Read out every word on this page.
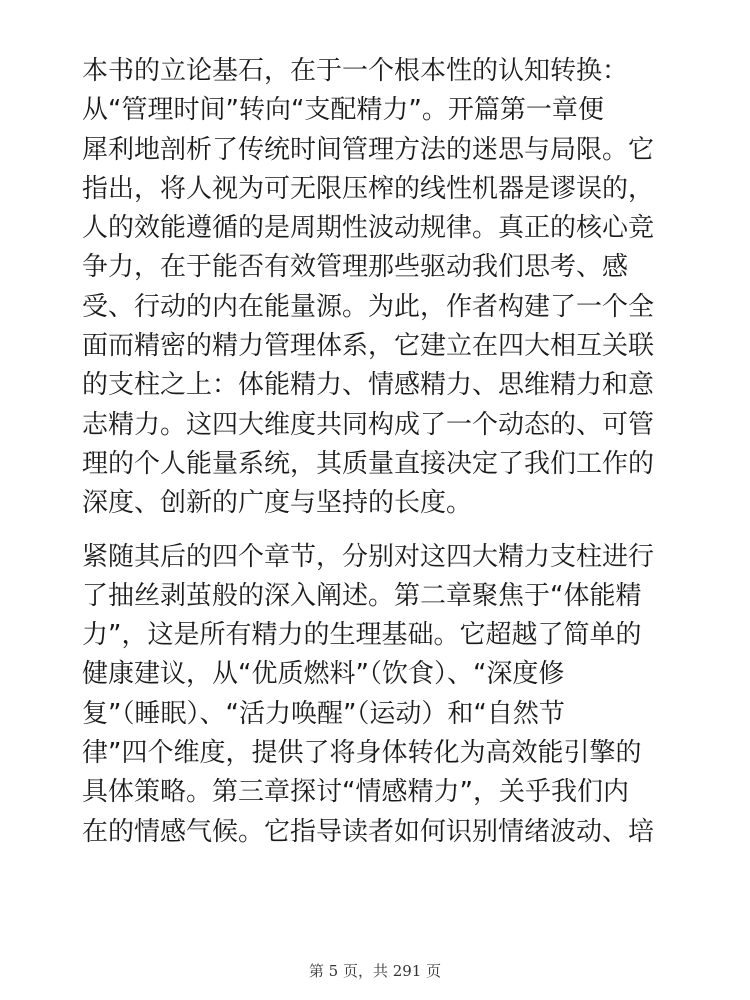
本书的立论基石，在于一个根本性的认知转换：
从“管理时间”转向“支配精力”。开篇第一章便
犀利地剖析了传统时间管理方法的迷思与局限。它
指出，将人视为可无限压榨的线性机器是谬误的，
人的效能遵循的是周期性波动规律。真正的核心竞
争力，在于能否有效管理那些驱动我们思考、感
受、行动的内在能量源。为此，作者构建了一个全
面而精密的精力管理体系，它建立在四大相互关联
的支柱之上：体能精力、情感精力、思维精力和意
志精力。这四大维度共同构成了一个动态的、可管
理的个人能量系统，其质量直接决定了我们工作的
深度、创新的广度与坚持的长度。
紧随其后的四个章节，分别对这四大精力支柱进行
了抽丝剥茧般的深入阐述。第二章聚焦于“体能精
力”，这是所有精力的生理基础。它超越了简单的
健康建议，从“优质燃料”（饮食）、“深度修
复”（睡眠）、“活力唤醒”（运动）和“自然节
律”四个维度，提供了将身体转化为高效能引擎的
具体策略。第三章探讨“情感精力”，关乎我们内
在的情感气候。它指导读者如何识别情绪波动、培
第 5 页，共 291 页
